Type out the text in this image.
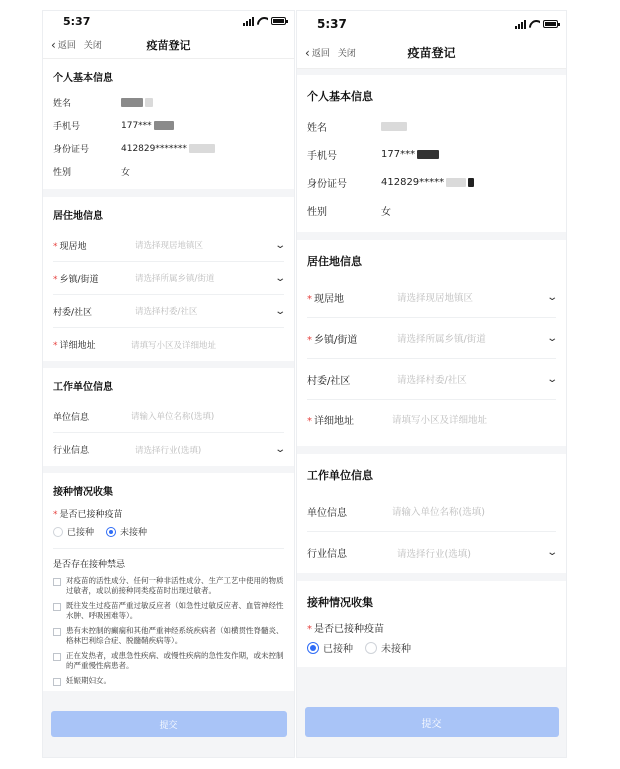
5:37
‹ 返回 关闭	疫苗登记
个人基本信息
姓名
手机号	177***
身份证号	412829*******
性别	女
居住地信息
* 现居地	请选择现居地镇区	⌄
* 乡镇/街道	请选择所属乡镇/街道	⌄
村委/社区	请选择村委/社区	⌄
* 详细地址	请填写小区及详细地址
工作单位信息
单位信息	请输入单位名称(选填)
行业信息	请选择行业(选填)	⌄
接种情况收集
* 是否已接种疫苗
已接种	未接种
是否存在接种禁忌
对疫苗的活性成分、任何一种非活性成分、生产工艺中使用的物质过敏者，或以前接种同类疫苗时出现过敏者。
既往发生过疫苗严重过敏反应者（如急性过敏反应者、血管神经性水肿、呼吸困难等）。
患有未控制的癫痫和其他严重神经系统疾病者（如横贯性脊髓炎、格林巴利综合症、脱髓鞘疾病等）。
正在发热者，或患急性疾病、或慢性疾病的急性发作期，或未控制的严重慢性病患者。
妊娠期妇女。
提交
5:37
‹ 返回 关闭	疫苗登记
个人基本信息
姓名
手机号	177***
身份证号	412829*****
性别	女
居住地信息
* 现居地	请选择现居地镇区	⌄
* 乡镇/街道	请选择所属乡镇/街道	⌄
村委/社区	请选择村委/社区	⌄
* 详细地址	请填写小区及详细地址
工作单位信息
单位信息	请输入单位名称(选填)
行业信息	请选择行业(选填)	⌄
接种情况收集
* 是否已接种疫苗
已接种	未接种
提交
